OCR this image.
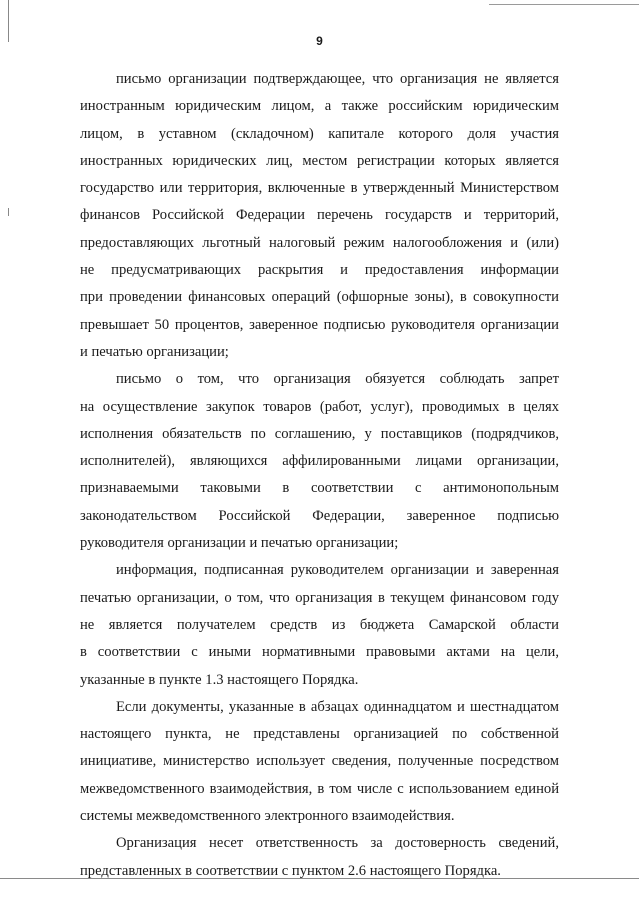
9
письмо организации подтверждающее, что организация не является
иностранным юридическим лицом, а также российским юридическим
лицом, в уставном (складочном) капитале которого доля участия
иностранных юридических лиц, местом регистрации которых является
государство или территория, включенные в утвержденный Министерством
финансов Российской Федерации перечень государств и территорий,
предоставляющих льготный налоговый режим налогообложения и (или)
не предусматривающих раскрытия и предоставления информации
при проведении финансовых операций (офшорные зоны), в совокупности
превышает 50 процентов, заверенное подписью руководителя организации
и печатью организации;
письмо о том, что организация обязуется соблюдать запрет
на осуществление закупок товаров (работ, услуг), проводимых в целях
исполнения обязательств по соглашению, у поставщиков (подрядчиков,
исполнителей), являющихся аффилированными лицами организации,
признаваемыми таковыми в соответствии с антимонопольным
законодательством Российской Федерации, заверенное подписью
руководителя организации и печатью организации;
информация, подписанная руководителем организации и заверенная
печатью организации, о том, что организация в текущем финансовом году
не является получателем средств из бюджета Самарской области
в соответствии с иными нормативными правовыми актами на цели,
указанные в пункте 1.3 настоящего Порядка.
Если документы, указанные в абзацах одиннадцатом и шестнадцатом
настоящего пункта, не представлены организацией по собственной
инициативе, министерство использует сведения, полученные посредством
межведомственного взаимодействия, в том числе с использованием единой
системы межведомственного электронного взаимодействия.
Организация несет ответственность за достоверность сведений,
представленных в соответствии с пунктом 2.6 настоящего Порядка.
